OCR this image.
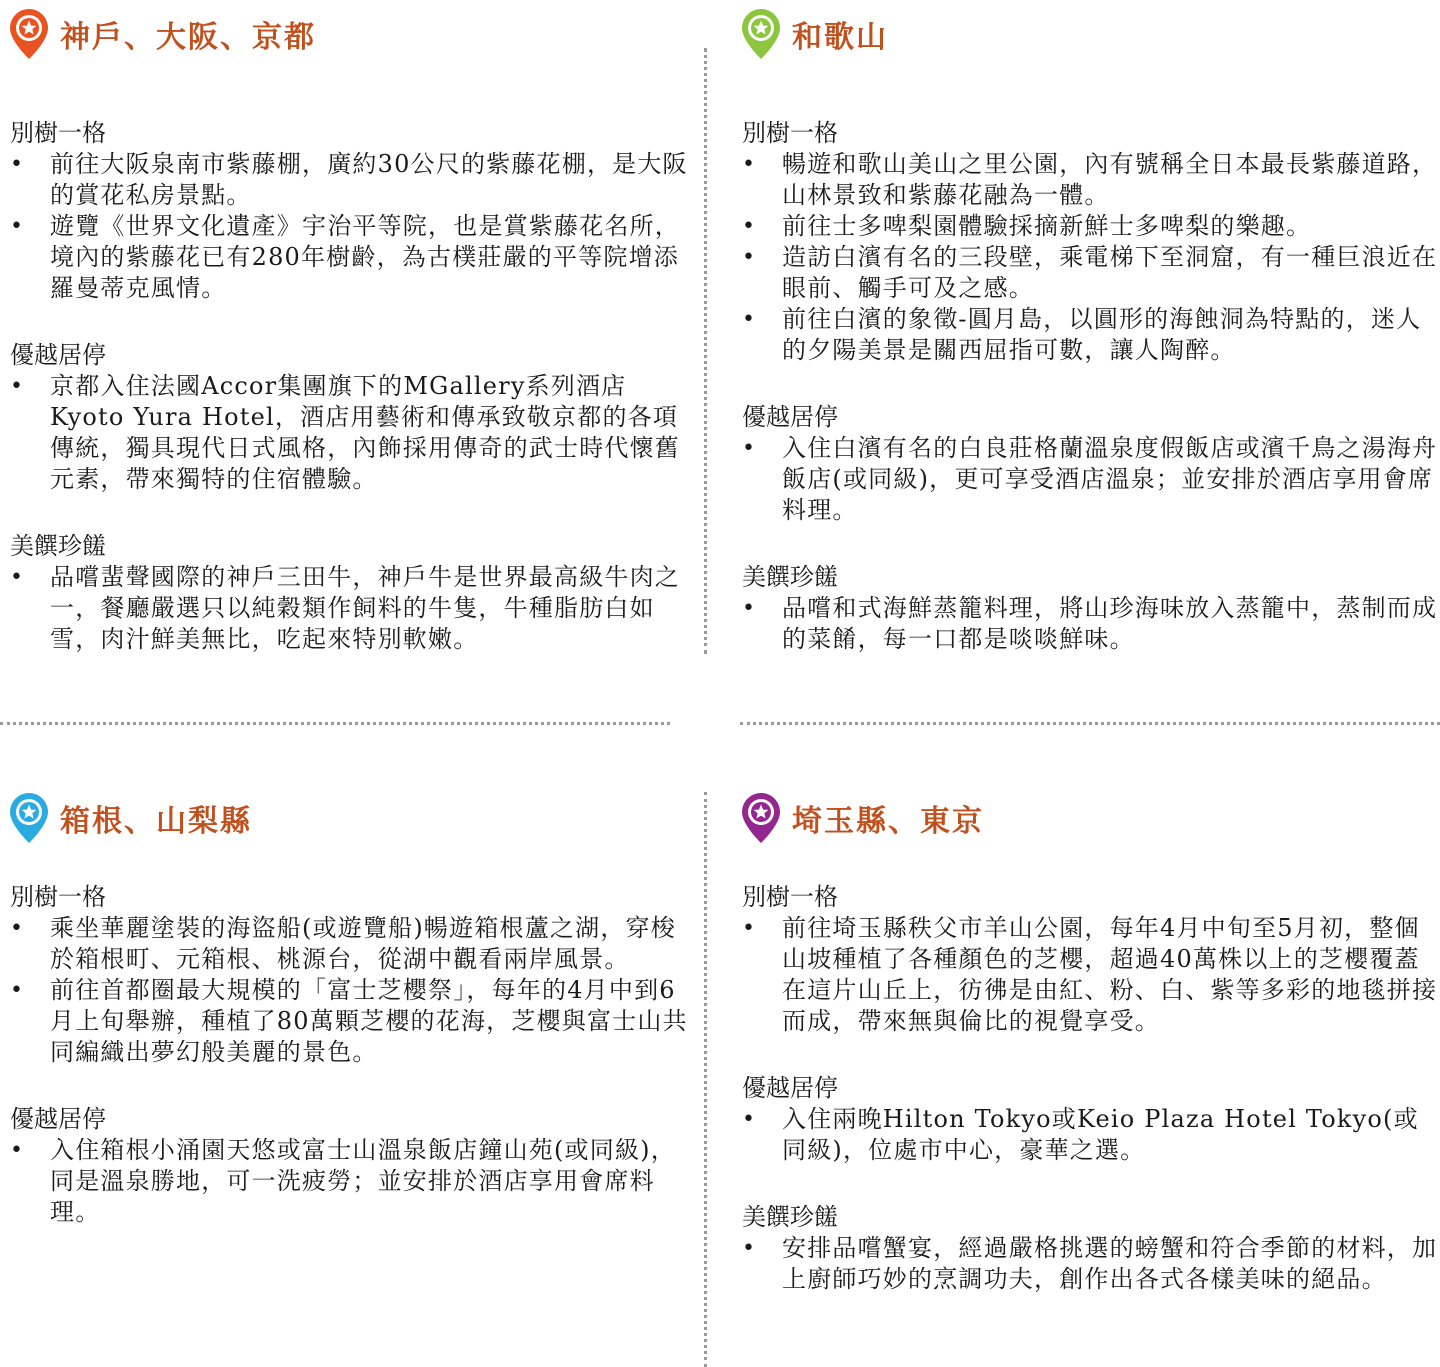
神戶、大阪、京都
別樹一格
• 前往大阪泉南市紫藤棚，廣約30公尺的紫藤花棚，是大阪的賞花私房景點。
• 遊覽《世界文化遺產》宇治平等院，也是賞紫藤花名所，境內的紫藤花已有280年樹齡，為古樸莊嚴的平等院增添羅曼蒂克風情。
優越居停
• 京都入住法國Accor集團旗下的MGallery系列酒店Kyoto Yura Hotel，酒店用藝術和傳承致敬京都的各項傳統，獨具現代日式風格，內飾採用傳奇的武士時代懷舊元素，帶來獨特的住宿體驗。
美饌珍饈
• 品嚐蜚聲國際的神戶三田牛，神戶牛是世界最高級牛肉之一，餐廳嚴選只以純穀類作飼料的牛隻，牛種脂肪白如雪，肉汁鮮美無比，吃起來特別軟嫩。
和歌山
別樹一格
• 暢遊和歌山美山之里公園，內有號稱全日本最長紫藤道路，山林景致和紫藤花融為一體。
• 前往士多啤梨園體驗採摘新鮮士多啤梨的樂趣。
• 造訪白濱有名的三段壁，乘電梯下至洞窟，有一種巨浪近在眼前、觸手可及之感。
• 前往白濱的象徵-圓月島，以圓形的海蝕洞為特點的，迷人的夕陽美景是關西屈指可數，讓人陶醉。
優越居停
• 入住白濱有名的白良莊格蘭溫泉度假飯店或濱千鳥之湯海舟飯店(或同級)，更可享受酒店溫泉；並安排於酒店享用會席料理。
美饌珍饈
• 品嚐和式海鮮蒸籠料理，將山珍海味放入蒸籠中，蒸制而成的菜餚，每一口都是啖啖鮮味。
箱根、山梨縣
別樹一格
• 乘坐華麗塗裝的海盜船(或遊覽船)暢遊箱根蘆之湖，穿梭於箱根町、元箱根、桃源台，從湖中觀看兩岸風景。
• 前往首都圈最大規模的「富士芝櫻祭」，每年的4月中到6月上旬舉辦，種植了80萬顆芝櫻的花海，芝櫻與富士山共同編織出夢幻般美麗的景色。
優越居停
• 入住箱根小涌園天悠或富士山溫泉飯店鐘山苑(或同級)，同是溫泉勝地，可一洗疲勞；並安排於酒店享用會席料理。
埼玉縣、東京
別樹一格
• 前往埼玉縣秩父市羊山公園，每年4月中旬至5月初，整個山坡種植了各種顏色的芝櫻，超過40萬株以上的芝櫻覆蓋在這片山丘上，彷彿是由紅、粉、白、紫等多彩的地毯拼接而成，帶來無與倫比的視覺享受。
優越居停
• 入住兩晚Hilton Tokyo或Keio Plaza Hotel Tokyo(或同級)，位處市中心，豪華之選。
美饌珍饈
• 安排品嚐蟹宴，經過嚴格挑選的螃蟹和符合季節的材料，加上廚師巧妙的烹調功夫，創作出各式各樣美味的絕品。
